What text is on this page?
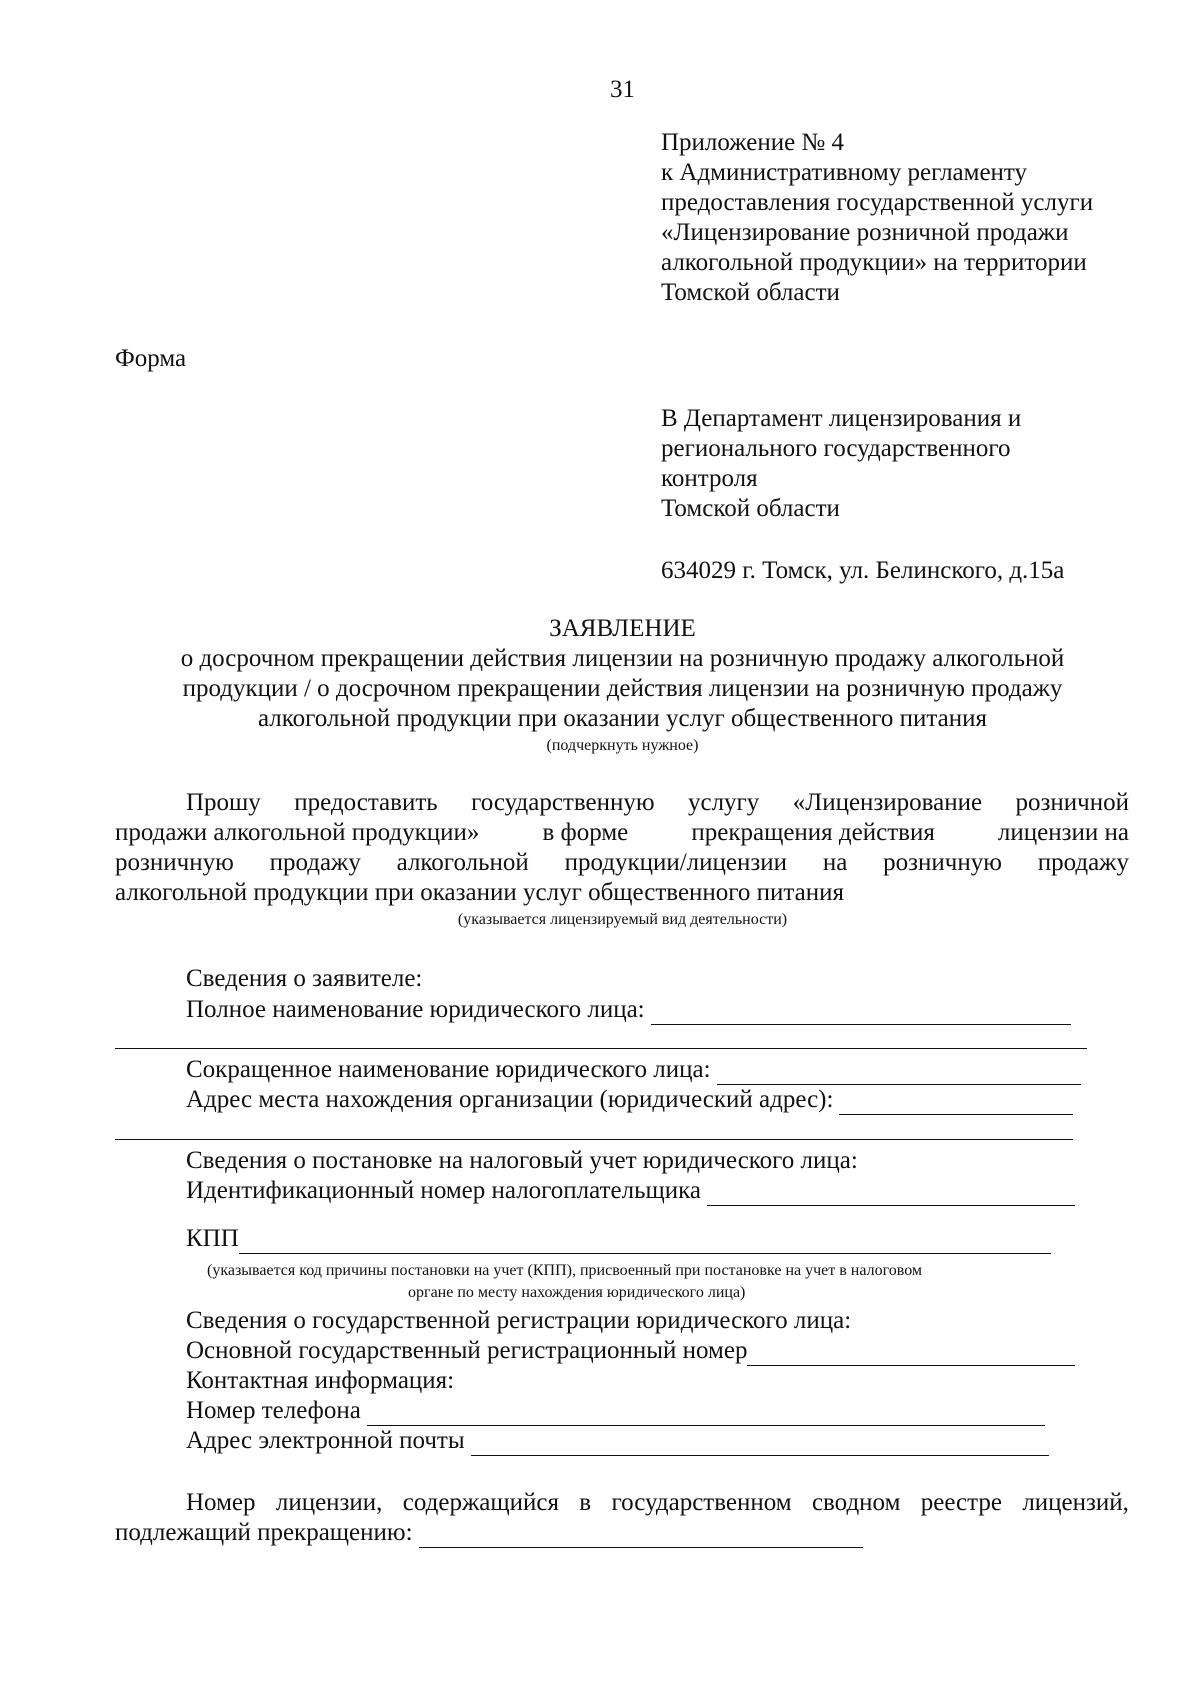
31
Приложение № 4
к Административному регламенту
предоставления государственной услуги
«Лицензирование розничной продажи
алкогольной продукции» на территории
Томской области
Форма
В Департамент лицензирования и
регионального государственного
контроля
Томской области
634029 г. Томск, ул. Белинского, д.15а
ЗАЯВЛЕНИЕ
о досрочном прекращении действия лицензии на розничную продажу алкогольной
продукции / о досрочном прекращении действия лицензии на розничную продажу
алкогольной продукции при оказании услуг общественного питания
(подчеркнуть нужное)
Прошу предоставить государственную услугу «Лицензирование розничной
продажи алкогольной продукции»	в форме	прекращения действия	лицензии на
розничную продажу алкогольной продукции/лицензии на розничную продажу
алкогольной продукции при оказании услуг общественного питания
(указывается лицензируемый вид деятельности)
Сведения о заявителе:
Полное наименование юридического лица:
Сокращенное наименование юридического лица:
Адрес места нахождения организации (юридический адрес):
Сведения о постановке на налоговый учет юридического лица:
Идентификационный номер налогоплательщика
КПП
(указывается код причины постановки на учет (КПП), присвоенный при постановке на учет в налоговом
органе по месту нахождения юридического лица)
Сведения о государственной регистрации юридического лица:
Основной государственный регистрационный номер
Контактная информация:
Номер телефона
Адрес электронной почты
Номер лицензии, содержащийся в государственном сводном реестре лицензий,
подлежащий прекращению:
